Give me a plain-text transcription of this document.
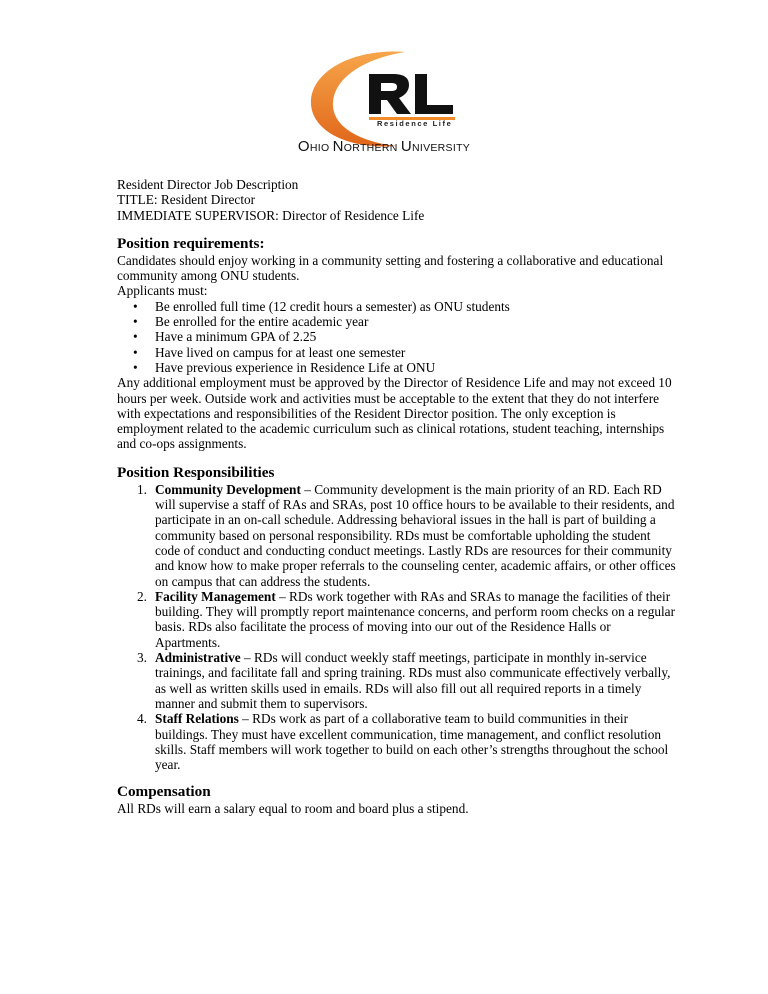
Residence Life
OHIO NORTHERN UNIVERSITY
Resident Director Job Description
TITLE: Resident Director
IMMEDIATE SUPERVISOR: Director of Residence Life
Position requirements:

Candidates should enjoy working in a community setting and fostering a collaborative and educational community among ONU students.

Applicants must:

• Be enrolled full time (12 credit hours a semester) as ONU students
• Be enrolled for the entire academic year
• Have a minimum GPA of 2.25
• Have lived on campus for at least one semester
• Have previous experience in Residence Life at ONU

Any additional employment must be approved by the Director of Residence Life and may not exceed 10 hours per week. Outside work and activities must be acceptable to the extent that they do not interfere with expectations and responsibilities of the Resident Director position. The only exception is employment related to the academic curriculum such as clinical rotations, student teaching, internships and co-ops assignments.

Position Responsibilities
1. Community Development – Community development is the main priority of an RD. Each RD will supervise a staff of RAs and SRAs, post 10 office hours to be available to their residents, and participate in an on-call schedule. Addressing behavioral issues in the hall is part of building a community based on personal responsibility. RDs must be comfortable upholding the student code of conduct and conducting conduct meetings. Lastly RDs are resources for their community and know how to make proper referrals to the counseling center, academic affairs, or other offices on campus that can address the students.
2. Facility Management – RDs work together with RAs and SRAs to manage the facilities of their building. They will promptly report maintenance concerns, and perform room checks on a regular basis. RDs also facilitate the process of moving into our out of the Residence Halls or Apartments.
3. Administrative – RDs will conduct weekly staff meetings, participate in monthly in-service trainings, and facilitate fall and spring training. RDs must also communicate effectively verbally, as well as written skills used in emails. RDs will also fill out all required reports in a timely manner and submit them to supervisors.
4. Staff Relations – RDs work as part of a collaborative team to build communities in their buildings. They must have excellent communication, time management, and conflict resolution skills. Staff members will work together to build on each other’s strengths throughout the school year.
Compensation

All RDs will earn a salary equal to room and board plus a stipend.
